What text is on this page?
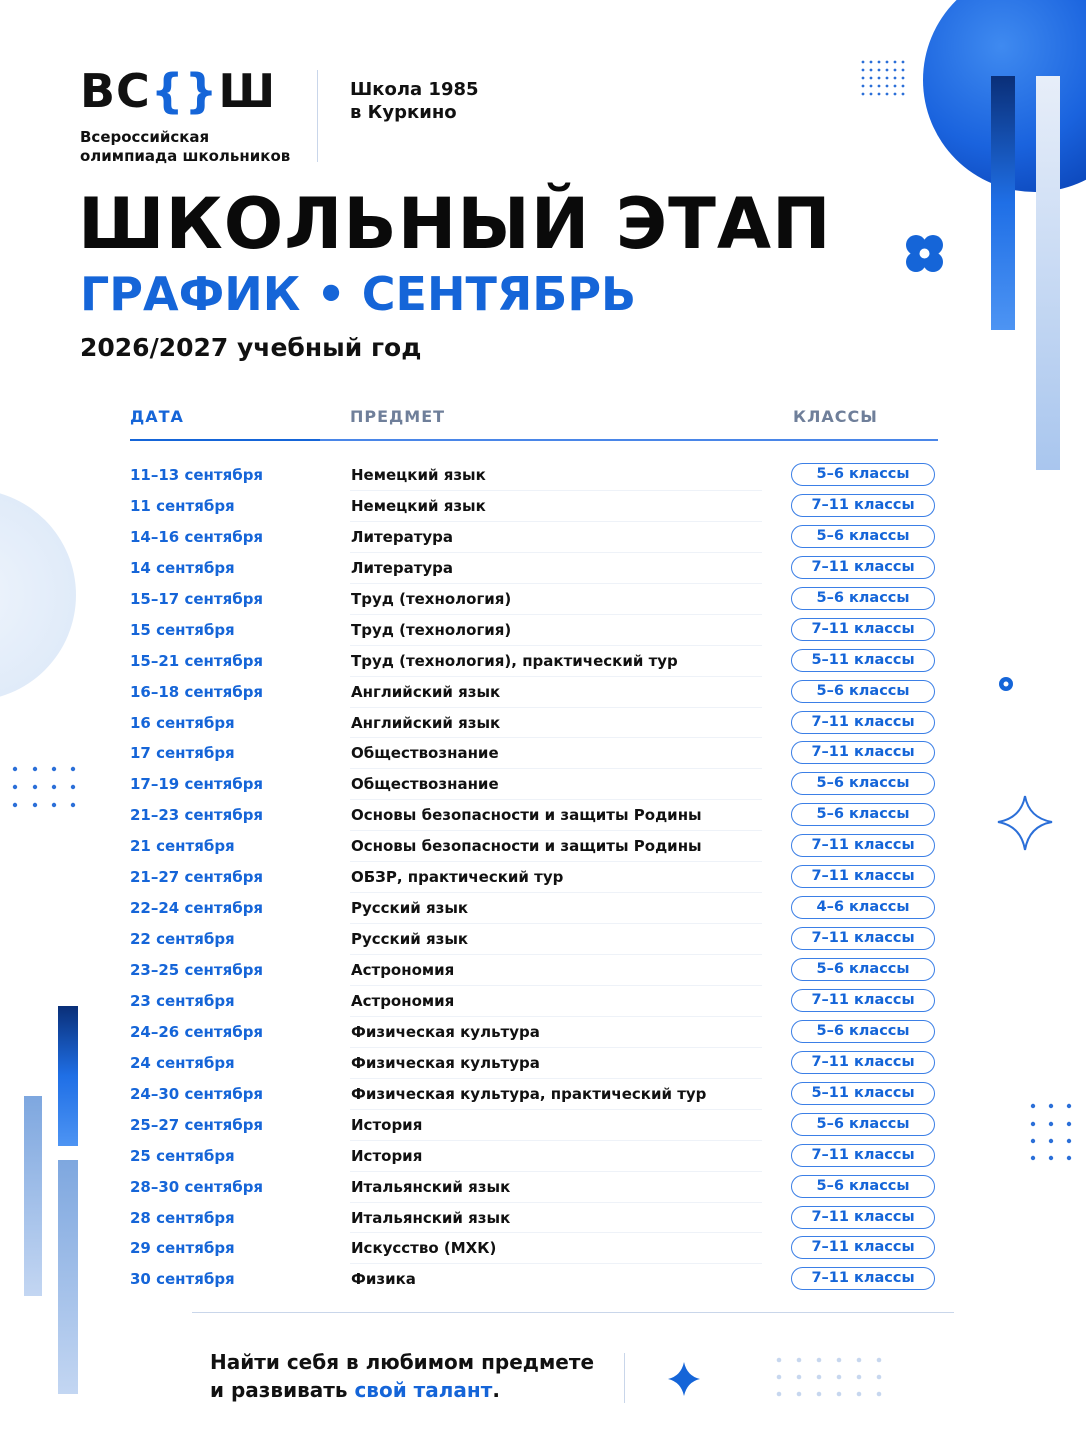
ВС {} Ш
Всероссийская
олимпиада школьников
Школа 1985
в Куркино
ШКОЛЬНЫЙ ЭТАП
ГРАФИК • СЕНТЯБРЬ
2026/2027 учебный год
ДАТА	ПРЕДМЕТ	КЛАССЫ
11–13 сентября	Немецкий язык	5–6 классы
11 сентября	Немецкий язык	7–11 классы
14–16 сентября	Литература	5–6 классы
14 сентября	Литература	7–11 классы
15–17 сентября	Труд (технология)	5–6 классы
15 сентября	Труд (технология)	7–11 классы
15–21 сентября	Труд (технология), практический тур	5–11 классы
16–18 сентября	Английский язык	5–6 классы
16 сентября	Английский язык	7–11 классы
17 сентября	Обществознание	7–11 классы
17–19 сентября	Обществознание	5–6 классы
21–23 сентября	Основы безопасности и защиты Родины	5–6 классы
21 сентября	Основы безопасности и защиты Родины	7–11 классы
21–27 сентября	ОБЗР, практический тур	7–11 классы
22–24 сентября	Русский язык	4–6 классы
22 сентября	Русский язык	7–11 классы
23–25 сентября	Астрономия	5–6 классы
23 сентября	Астрономия	7–11 классы
24–26 сентября	Физическая культура	5–6 классы
24 сентября	Физическая культура	7–11 классы
24–30 сентября	Физическая культура, практический тур	5–11 классы
25–27 сентября	История	5–6 классы
25 сентября	История	7–11 классы
28–30 сентября	Итальянский язык	5–6 классы
28 сентября	Итальянский язык	7–11 классы
29 сентября	Искусство (МХК)	7–11 классы
30 сентября	Физика	7–11 классы
Найти себя в любимом предмете
и развивать свой талант.
